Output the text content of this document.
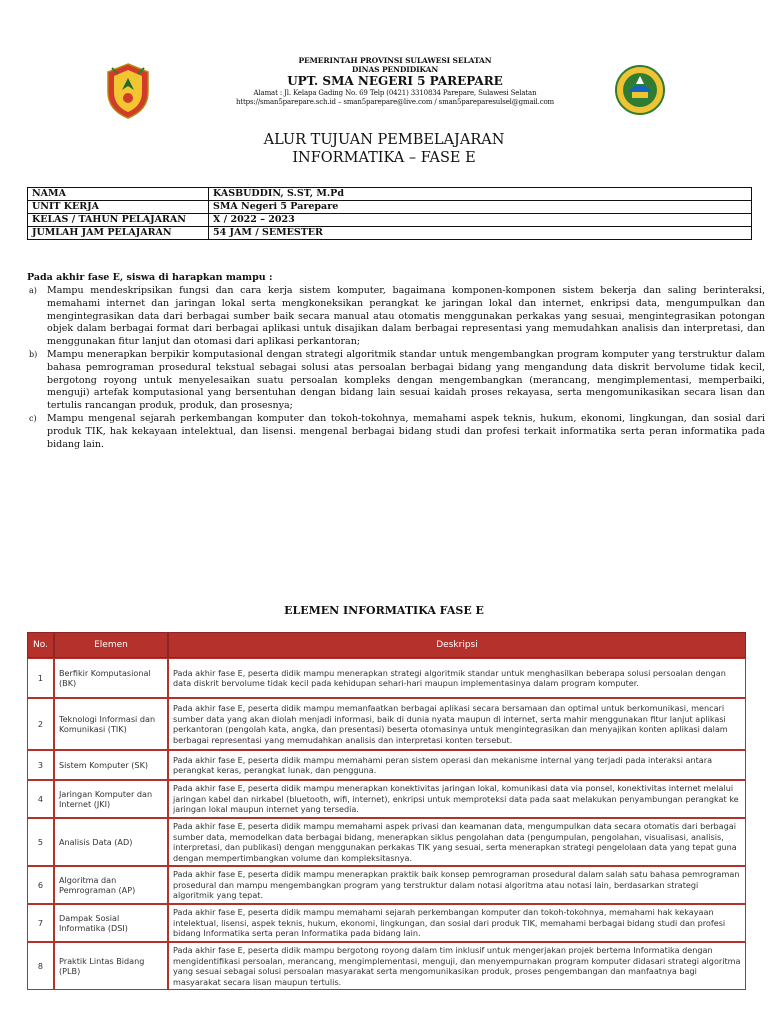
PEMERINTAH PROVINSI SULAWESI SELATAN
DINAS PENDIDIKAN
UPT. SMA NEGERI 5 PAREPARE
Alamat : Jl. Kelapa Gading No. 69 Telp (0421) 3310834 Parepare, Sulawesi Selatan
https://sman5parepare.sch.id – sman5parepare@live.com / sman5pareparesulsel@gmail.com
ALUR TUJUAN PEMBELAJARAN
INFORMATIKA – FASE E
NAMA	KASBUDDIN, S.ST, M.Pd
UNIT KERJA	SMA Negeri 5 Parepare
KELAS / TAHUN PELAJARAN	X / 2022 – 2023
JUMLAH JAM PELAJARAN	54 JAM / SEMESTER
Pada akhir fase E, siswa di harapkan mampu :
a) Mampu mendeskripsikan fungsi dan cara kerja sistem komputer, bagaimana komponen-komponen sistem bekerja dan saling berinteraksi, memahami internet dan jaringan lokal serta mengkoneksikan perangkat ke jaringan lokal dan internet, enkripsi data, mengumpulkan dan mengintegrasikan data dari berbagai sumber baik secara manual atau otomatis menggunakan perkakas yang sesuai, mengintegrasikan potongan objek dalam berbagai format dari berbagai aplikasi untuk disajikan dalam berbagai representasi yang memudahkan analisis dan interpretasi, dan menggunakan fitur lanjut dan otomasi dari aplikasi perkantoran;
b) Mampu menerapkan berpikir komputasional dengan strategi algoritmik standar untuk mengembangkan program komputer yang terstruktur dalam bahasa pemrograman prosedural tekstual sebagai solusi atas persoalan berbagai bidang yang mengandung data diskrit bervolume tidak kecil, bergotong royong untuk menyelesaikan suatu persoalan kompleks dengan mengembangkan (merancang, mengimplementasi, memperbaiki, menguji) artefak komputasional yang bersentuhan dengan bidang lain sesuai kaidah proses rekayasa, serta mengomunikasikan secara lisan dan tertulis rancangan produk, produk, dan prosesnya;
c) Mampu mengenal sejarah perkembangan komputer dan tokoh-tokohnya, memahami aspek teknis, hukum, ekonomi, lingkungan, dan sosial dari produk TIK, hak kekayaan intelektual, dan lisensi. mengenal berbagai bidang studi dan profesi terkait informatika serta peran informatika pada bidang lain.
ELEMEN INFORMATIKA FASE E
No.	Elemen	Deskripsi
1	Berfikir Komputasional (BK)	Pada akhir fase E, peserta didik mampu menerapkan strategi algoritmik standar untuk menghasilkan beberapa solusi persoalan dengan data diskrit bervolume tidak kecil pada kehidupan sehari-hari maupun implementasinya dalam program komputer.
2	Teknologi Informasi dan Komunikasi (TIK)	Pada akhir fase E, peserta didik mampu memanfaatkan berbagai aplikasi secara bersamaan dan optimal untuk berkomunikasi, mencari sumber data yang akan diolah menjadi informasi, baik di dunia nyata maupun di internet, serta mahir menggunakan fitur lanjut aplikasi perkantoran (pengolah kata, angka, dan presentasi) beserta otomasinya untuk mengintegrasikan dan menyajikan konten aplikasi dalam berbagai representasi yang memudahkan analisis dan interpretasi konten tersebut.
3	Sistem Komputer (SK)	Pada akhir fase E, peserta didik mampu memahami peran sistem operasi dan mekanisme internal yang terjadi pada interaksi antara perangkat keras, perangkat lunak, dan pengguna.
4	Jaringan Komputer dan Internet (JKI)	Pada akhir fase E, peserta didik mampu menerapkan konektivitas jaringan lokal, komunikasi data via ponsel, konektivitas internet melalui jaringan kabel dan nirkabel (bluetooth, wifi, internet), enkripsi untuk memproteksi data pada saat melakukan penyambungan perangkat ke jaringan lokal maupun internet yang tersedia.
5	Analisis Data (AD)	Pada akhir fase E, peserta didik mampu memahami aspek privasi dan keamanan data, mengumpulkan data secara otomatis dari berbagai sumber data, memodelkan data berbagai bidang, menerapkan siklus pengolahan data (pengumpulan, pengolahan, visualisasi, analisis, interpretasi, dan publikasi) dengan menggunakan perkakas TIK yang sesuai, serta menerapkan strategi pengelolaan data yang tepat guna dengan mempertimbangkan volume dan kompleksitasnya.
6	Algoritma dan Pemrograman (AP)	Pada akhir fase E, peserta didik mampu menerapkan praktik baik konsep pemrograman prosedural dalam salah satu bahasa pemrograman prosedural dan mampu mengembangkan program yang terstruktur dalam notasi algoritma atau notasi lain, berdasarkan strategi algoritmik yang tepat.
7	Dampak Sosial Informatika (DSI)	Pada akhir fase E, peserta didik mampu memahami sejarah perkembangan komputer dan tokoh-tokohnya, memahami hak kekayaan intelektual, lisensi, aspek teknis, hukum, ekonomi, lingkungan, dan sosial dari produk TIK, memahami berbagai bidang studi dan profesi bidang Informatika serta peran Informatika pada bidang lain.
8	Praktik Lintas Bidang (PLB)	Pada akhir fase E, peserta didik mampu bergotong royong dalam tim inklusif untuk mengerjakan projek bertema Informatika dengan mengidentifikasi persoalan, merancang, mengimplementasi, menguji, dan menyempurnakan program komputer didasari strategi algoritma yang sesuai sebagai solusi persoalan masyarakat serta mengomunikasikan produk, proses pengembangan dan manfaatnya bagi masyarakat secara lisan maupun tertulis.
